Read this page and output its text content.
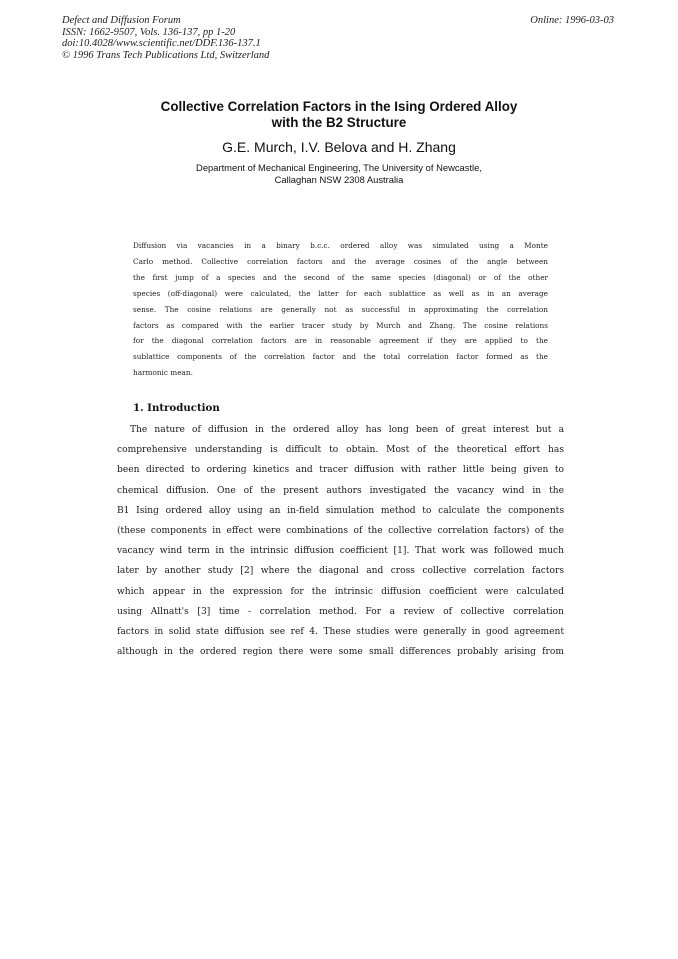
Defect and Diffusion Forum
ISSN: 1662-9507, Vols. 136-137, pp 1-20
doi:10.4028/www.scientific.net/DDF.136-137.1
© 1996 Trans Tech Publications Ltd, Switzerland
Online: 1996-03-03
Collective Correlation Factors in the Ising Ordered Alloy
with the B2 Structure
G.E. Murch, I.V. Belova and H. Zhang
Department of Mechanical Engineering, The University of Newcastle,
Callaghan NSW 2308 Australia
Diffusion via vacancies in a binary b.c.c. ordered alloy was simulated using a Monte
Carlo method. Collective correlation factors and the average cosines of the angle between
the first jump of a species and the second of the same species (diagonal) or of the other
species (off-diagonal) were calculated, the latter for each sublattice as well as in an average
sense. The cosine relations are generally not as successful in approximating the correlation
factors as compared with the earlier tracer study by Murch and Zhang. The cosine relations
for the diagonal correlation factors are in reasonable agreement if they are applied to the
sublattice components of the correlation factor and the total correlation factor formed as the
harmonic mean.
1. Introduction
The nature of diffusion in the ordered alloy has long been of great interest but a
comprehensive understanding is difficult to obtain. Most of the theoretical effort has
been directed to ordering kinetics and tracer diffusion with rather little being given to
chemical diffusion. One of the present authors investigated the vacancy wind in the
B1 Ising ordered alloy using an in-field simulation method to calculate the components
(these components in effect were combinations of the collective correlation factors) of the
vacancy wind term in the intrinsic diffusion coefficient [1]. That work was followed much
later by another study [2] where the diagonal and cross collective correlation factors
which appear in the expression for the intrinsic diffusion coefficient were calculated
using Allnatt's [3] time - correlation method. For a review of collective correlation
factors in solid state diffusion see ref 4. These studies were generally in good agreement
although in the ordered region there were some small differences probably arising from
